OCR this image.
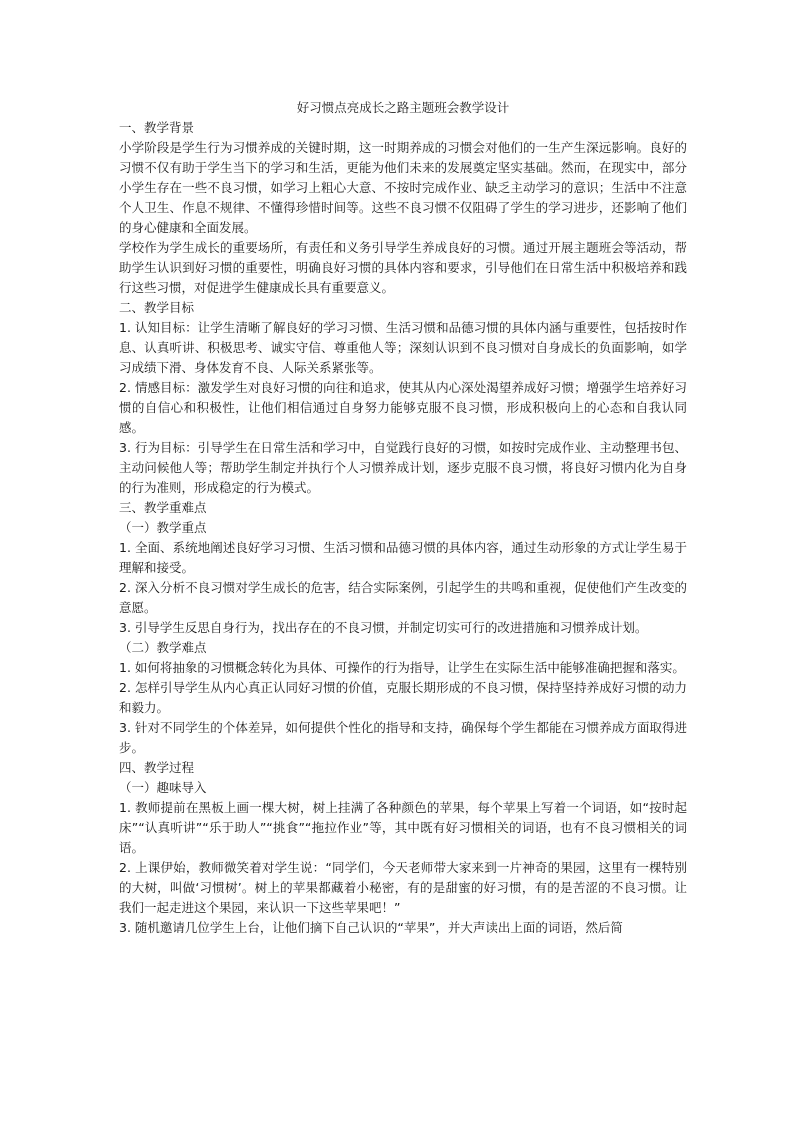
好习惯点亮成长之路主题班会教学设计
一、教学背景
小学阶段是学生行为习惯养成的关键时期，这一时期养成的习惯会对他们的一生产生深远影响。良好的习惯不仅有助于学生当下的学习和生活，更能为他们未来的发展奠定坚实基础。然而，在现实中，部分小学生存在一些不良习惯，如学习上粗心大意、不按时完成作业、缺乏主动学习的意识；生活中不注意个人卫生、作息不规律、不懂得珍惜时间等。这些不良习惯不仅阻碍了学生的学习进步，还影响了他们的身心健康和全面发展。
学校作为学生成长的重要场所，有责任和义务引导学生养成良好的习惯。通过开展主题班会等活动，帮助学生认识到好习惯的重要性，明确良好习惯的具体内容和要求，引导他们在日常生活中积极培养和践行这些习惯，对促进学生健康成长具有重要意义。
二、教学目标
1. 认知目标：让学生清晰了解良好的学习习惯、生活习惯和品德习惯的具体内涵与重要性，包括按时作息、认真听讲、积极思考、诚实守信、尊重他人等；深刻认识到不良习惯对自身成长的负面影响，如学习成绩下滑、身体发育不良、人际关系紧张等。
2. 情感目标：激发学生对良好习惯的向往和追求，使其从内心深处渴望养成好习惯；增强学生培养好习惯的自信心和积极性，让他们相信通过自身努力能够克服不良习惯，形成积极向上的心态和自我认同感。
3. 行为目标：引导学生在日常生活和学习中，自觉践行良好的习惯，如按时完成作业、主动整理书包、主动问候他人等；帮助学生制定并执行个人习惯养成计划，逐步克服不良习惯，将良好习惯内化为自身的行为准则，形成稳定的行为模式。
三、教学重难点
（一）教学重点
1. 全面、系统地阐述良好学习习惯、生活习惯和品德习惯的具体内容，通过生动形象的方式让学生易于理解和接受。
2. 深入分析不良习惯对学生成长的危害，结合实际案例，引起学生的共鸣和重视，促使他们产生改变的意愿。
3. 引导学生反思自身行为，找出存在的不良习惯，并制定切实可行的改进措施和习惯养成计划。
（二）教学难点
1. 如何将抽象的习惯概念转化为具体、可操作的行为指导，让学生在实际生活中能够准确把握和落实。
2. 怎样引导学生从内心真正认同好习惯的价值，克服长期形成的不良习惯，保持坚持养成好习惯的动力和毅力。
3. 针对不同学生的个体差异，如何提供个性化的指导和支持，确保每个学生都能在习惯养成方面取得进步。
四、教学过程
（一）趣味导入
1. 教师提前在黑板上画一棵大树，树上挂满了各种颜色的苹果，每个苹果上写着一个词语，如“按时起床”“认真听讲”“乐于助人”“挑食”“拖拉作业”等，其中既有好习惯相关的词语，也有不良习惯相关的词语。
2. 上课伊始，教师微笑着对学生说：“同学们，今天老师带大家来到一片神奇的果园，这里有一棵特别的大树，叫做‘习惯树’。树上的苹果都藏着小秘密，有的是甜蜜的好习惯，有的是苦涩的不良习惯。让我们一起走进这个果园，来认识一下这些苹果吧！”
3. 随机邀请几位学生上台，让他们摘下自己认识的“苹果”，并大声读出上面的词语，然后简
